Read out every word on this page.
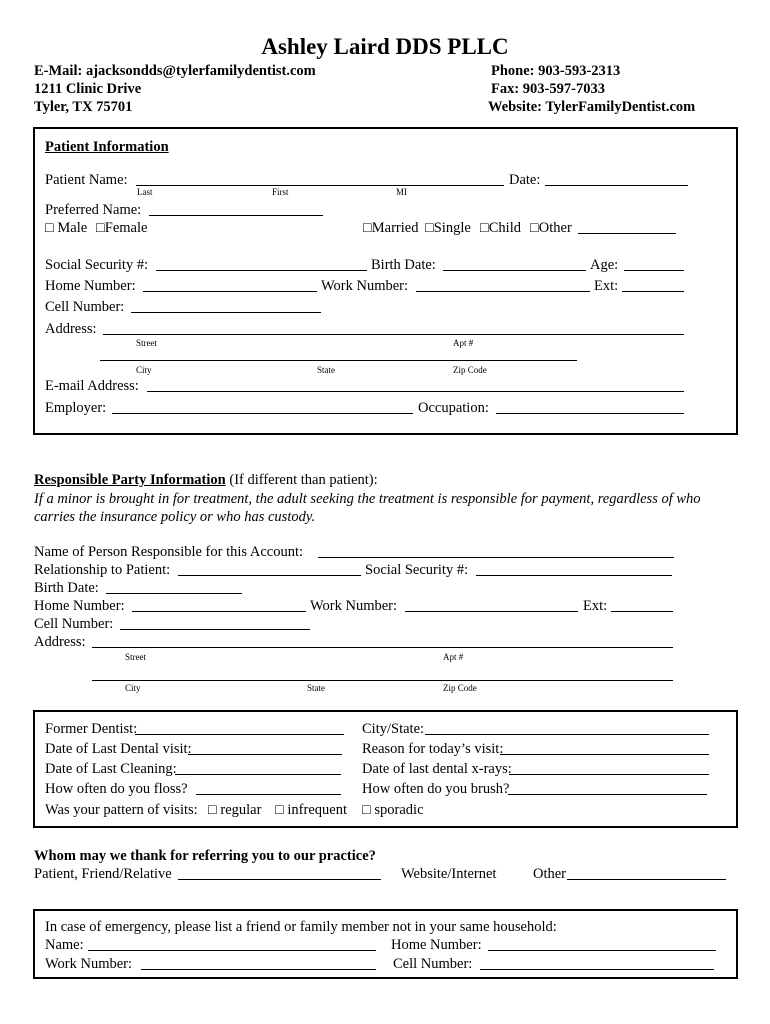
Ashley Laird DDS PLLC
E-Mail: ajacksondds@tylerfamilydentist.com
1211 Clinic Drive
Tyler, TX 75701
Phone: 903-593-2313
Fax: 903-597-7033
Website: TylerFamilyDentist.com
Patient Information
Patient Name:	Date:
Last	First	MI
Preferred Name:
□ Male □Female	□Married □Single □Child □Other
Social Security #:	Birth Date:	Age:
Home Number:	Work Number:	Ext:
Cell Number:
Address:
Street	Apt #
City	State	Zip Code
E-mail Address:
Employer:	Occupation:
Responsible Party Information (If different than patient):
If a minor is brought in for treatment, the adult seeking the treatment is responsible for payment, regardless of who
carries the insurance policy or who has custody.
Name of Person Responsible for this Account:
Relationship to Patient:	Social Security #:
Birth Date:
Home Number:	Work Number:	Ext:
Cell Number:
Address:
Street	Apt #
City	State	Zip Code
Former Dentist:	City/State:
Date of Last Dental visit:	Reason for today’s visit:
Date of Last Cleaning:	Date of last dental x-rays:
How often do you floss?	How often do you brush?
Was your pattern of visits: □ regular □ infrequent □ sporadic
Whom may we thank for referring you to our practice?
Patient, Friend/Relative	Website/Internet	Other
In case of emergency, please list a friend or family member not in your same household:
Name:	Home Number:
Work Number:	Cell Number:
